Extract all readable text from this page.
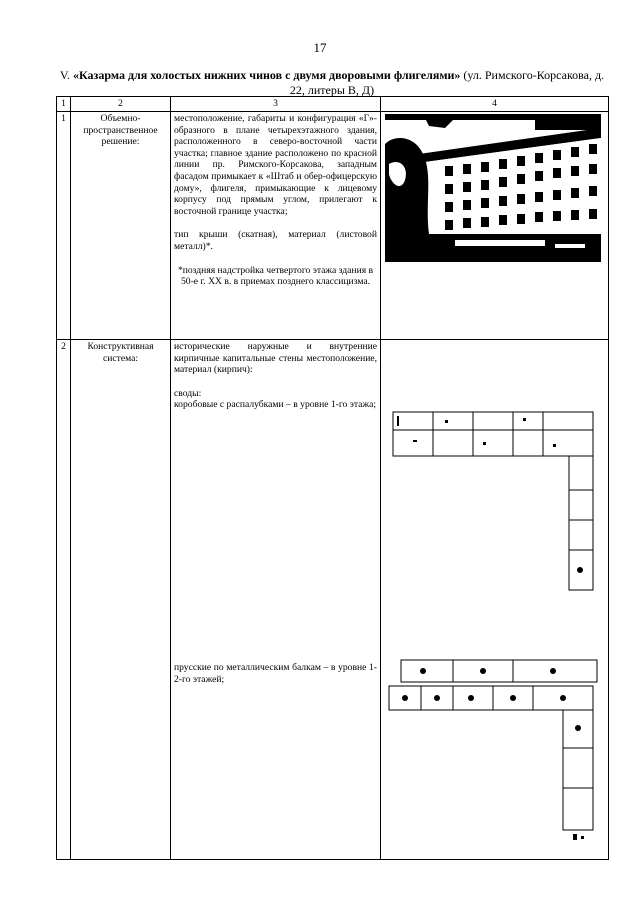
17
V. «Казарма для холостых нижних чинов с двумя дворовыми флигелями» (ул. Римского-Корсакова, д. 22, литеры В, Д)
1	2	3	4
1	Объемно-пространственное решение:	местоположение, габариты и конфигурация «Г»-образного в плане четырехэтажного здания, расположенного в северо-восточной части участка; главное здание расположено по красной линии пр. Римского-Корсакова, западным фасадом примыкает к «Штаб и обер-офицерскую дому», флигеля, примыкающие к лицевому корпусу под прямым углом, прилегают к восточной границе участка;

тип крыши (скатная), материал (листовой металл)*.

*поздняя надстройка четвертого этажа здания в 50-е г. XX в. в приемах позднего классицизма.

2	Конструктивная система:	исторические наружные и внутренние кирпичные капитальные стены местоположение, материал (кирпич):

своды:

коробовые с распалубками – в уровне 1-го этажа;

прусские по металлическим балкам – в уровне 1-2-го этажей;
